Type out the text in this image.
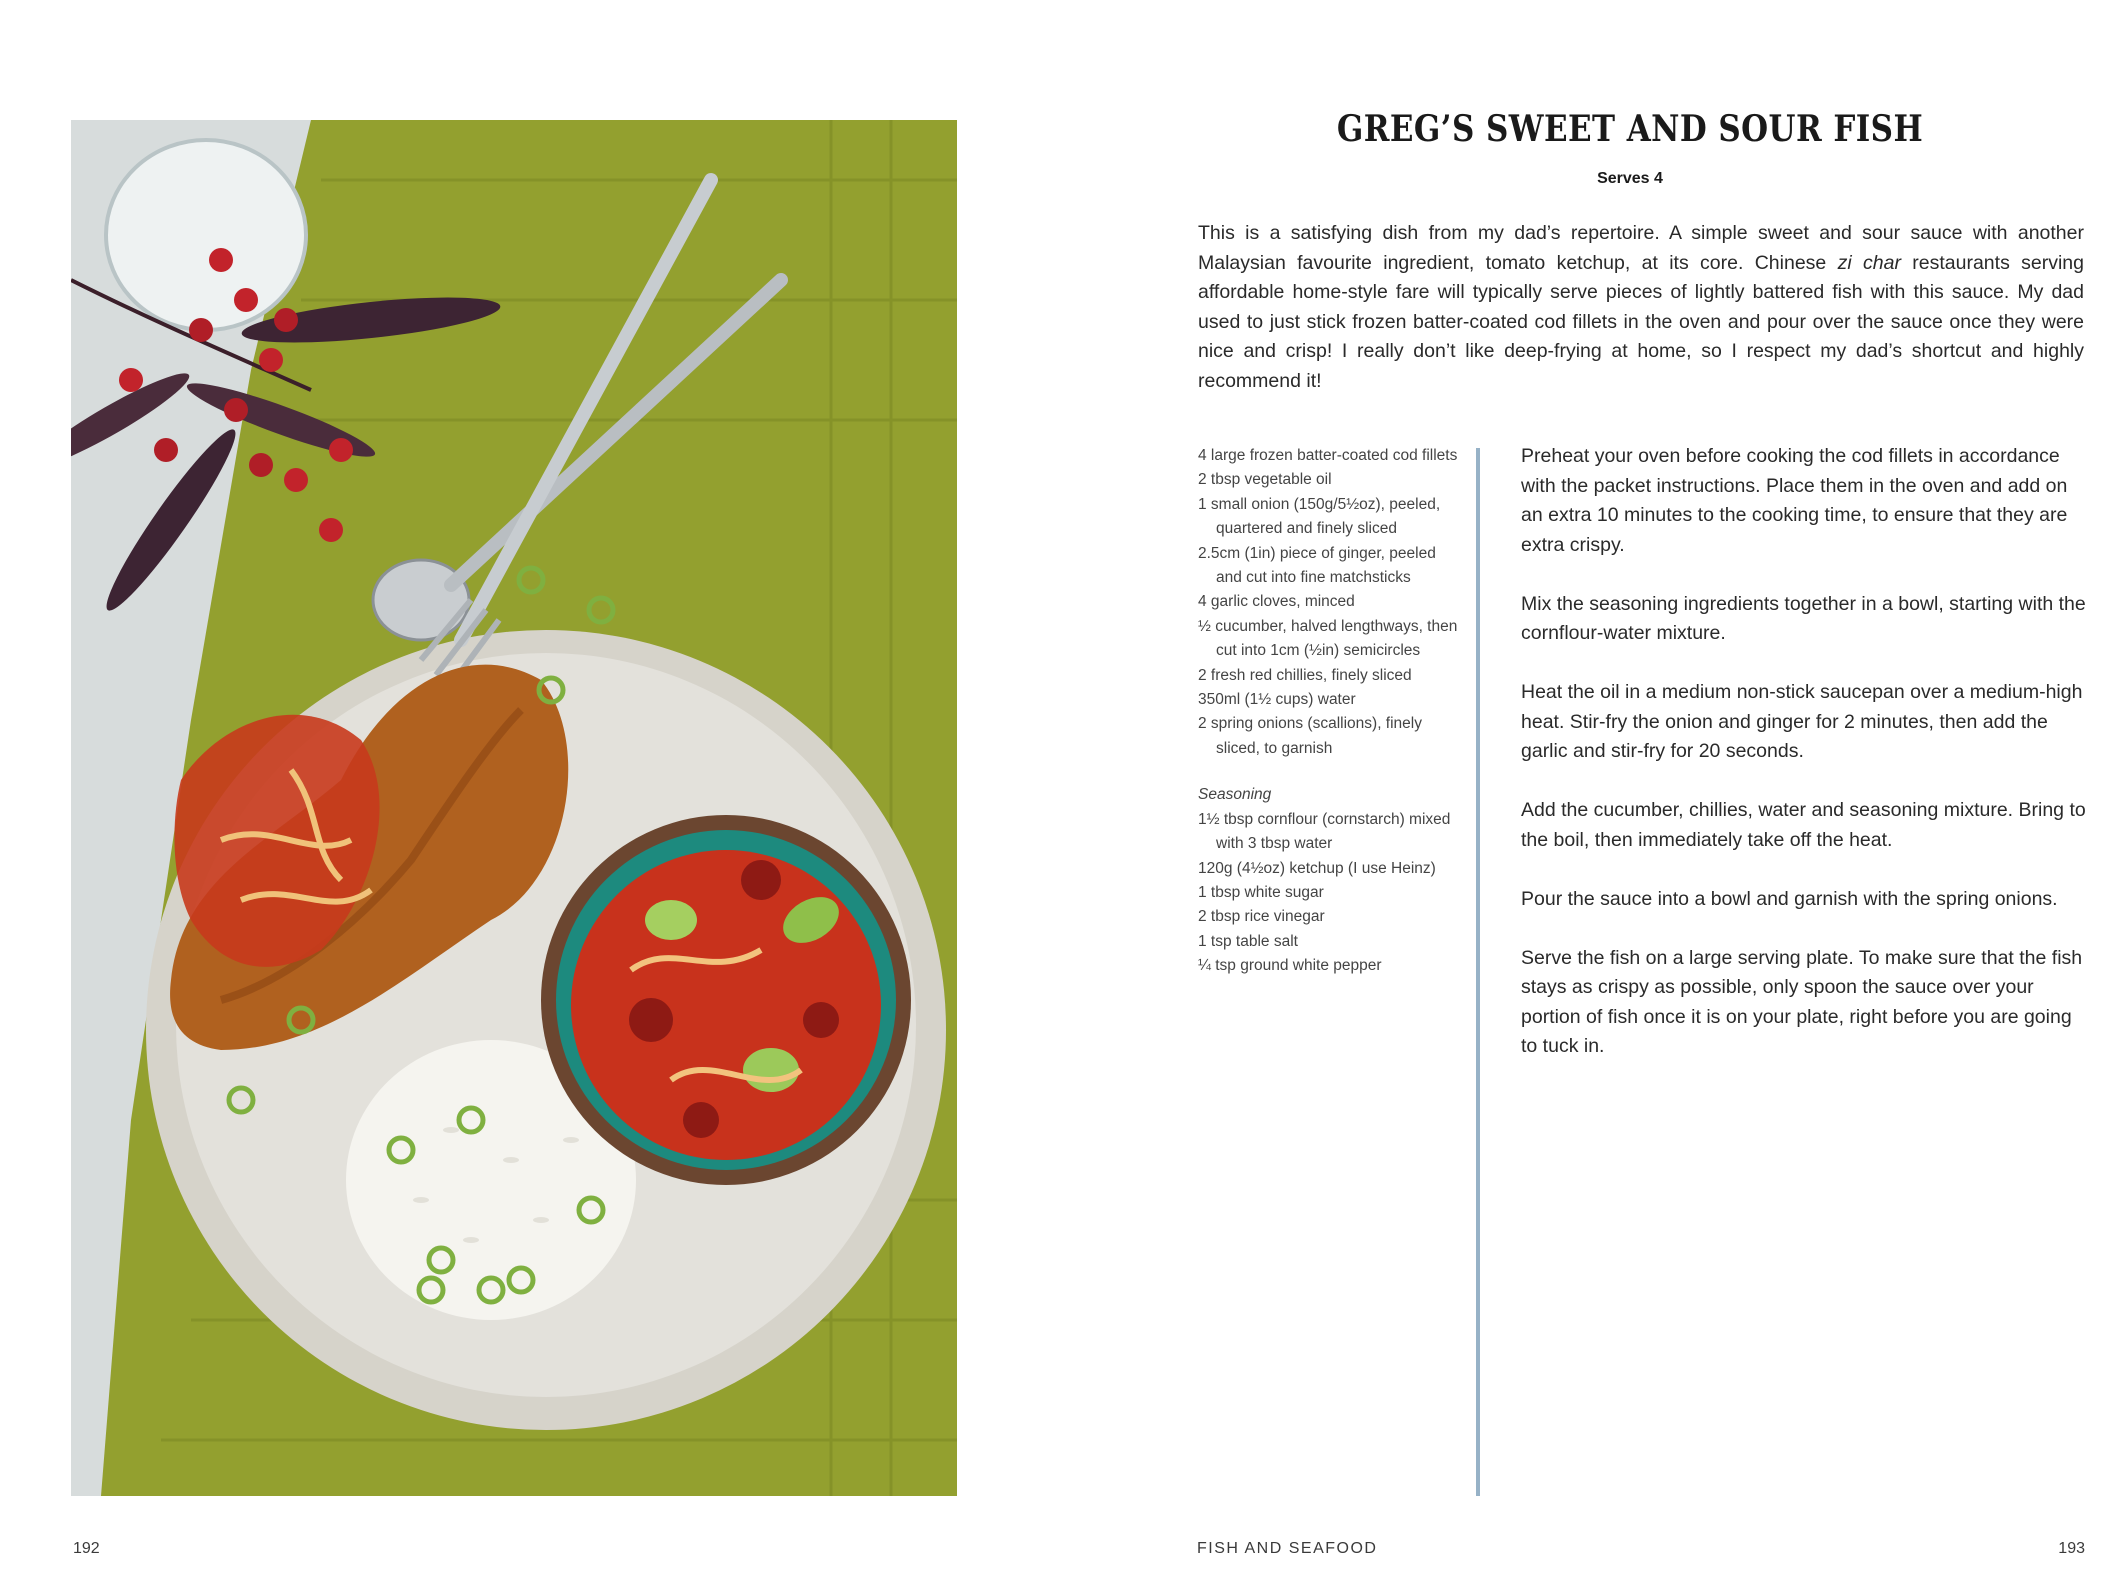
GREG’S SWEET AND SOUR FISH
Serves 4

This is a satisfying dish from my dad’s repertoire. A simple sweet and sour sauce with another Malaysian favourite ingredient, tomato ketchup, at its core. Chinese zi char restaurants serving affordable home-style fare will typically serve pieces of lightly battered fish with this sauce. My dad used to just stick frozen batter-coated cod fillets in the oven and pour over the sauce once they were nice and crisp! I really don’t like deep-frying at home, so I respect my dad’s shortcut and highly recommend it!

4 large frozen batter-coated cod fillets

2 tbsp vegetable oil

1 small onion (150g/5½oz), peeled, quartered and finely sliced

2.5cm (1in) piece of ginger, peeled and cut into fine matchsticks

4 garlic cloves, minced

½ cucumber, halved lengthways, then cut into 1cm (½in) semicircles

2 fresh red chillies, finely sliced

350ml (1½ cups) water

2 spring onions (scallions), finely sliced, to garnish

Seasoning

1½ tbsp cornflour (cornstarch) mixed with 3 tbsp water

120g (4½oz) ketchup (I use Heinz)

1 tbsp white sugar

2 tbsp rice vinegar

1 tsp table salt

¼ tsp ground white pepper

Preheat your oven before cooking the cod fillets in accordance with the packet instructions. Place them in the oven and add on an extra 10 minutes to the cooking time, to ensure that they are extra crispy.

Mix the seasoning ingredients together in a bowl, starting with the cornflour-water mixture.

Heat the oil in a medium non-stick saucepan over a medium-high heat. Stir-fry the onion and ginger for 2 minutes, then add the garlic and stir-fry for 20 seconds.

Add the cucumber, chillies, water and seasoning mixture. Bring to the boil, then immediately take off the heat.

Pour the sauce into a bowl and garnish with the spring onions.

Serve the fish on a large serving plate. To make sure that the fish stays as crispy as possible, only spoon the sauce over your portion of fish once it is on your plate, right before you are going to tuck in.

192	FISH AND SEAFOOD	193
